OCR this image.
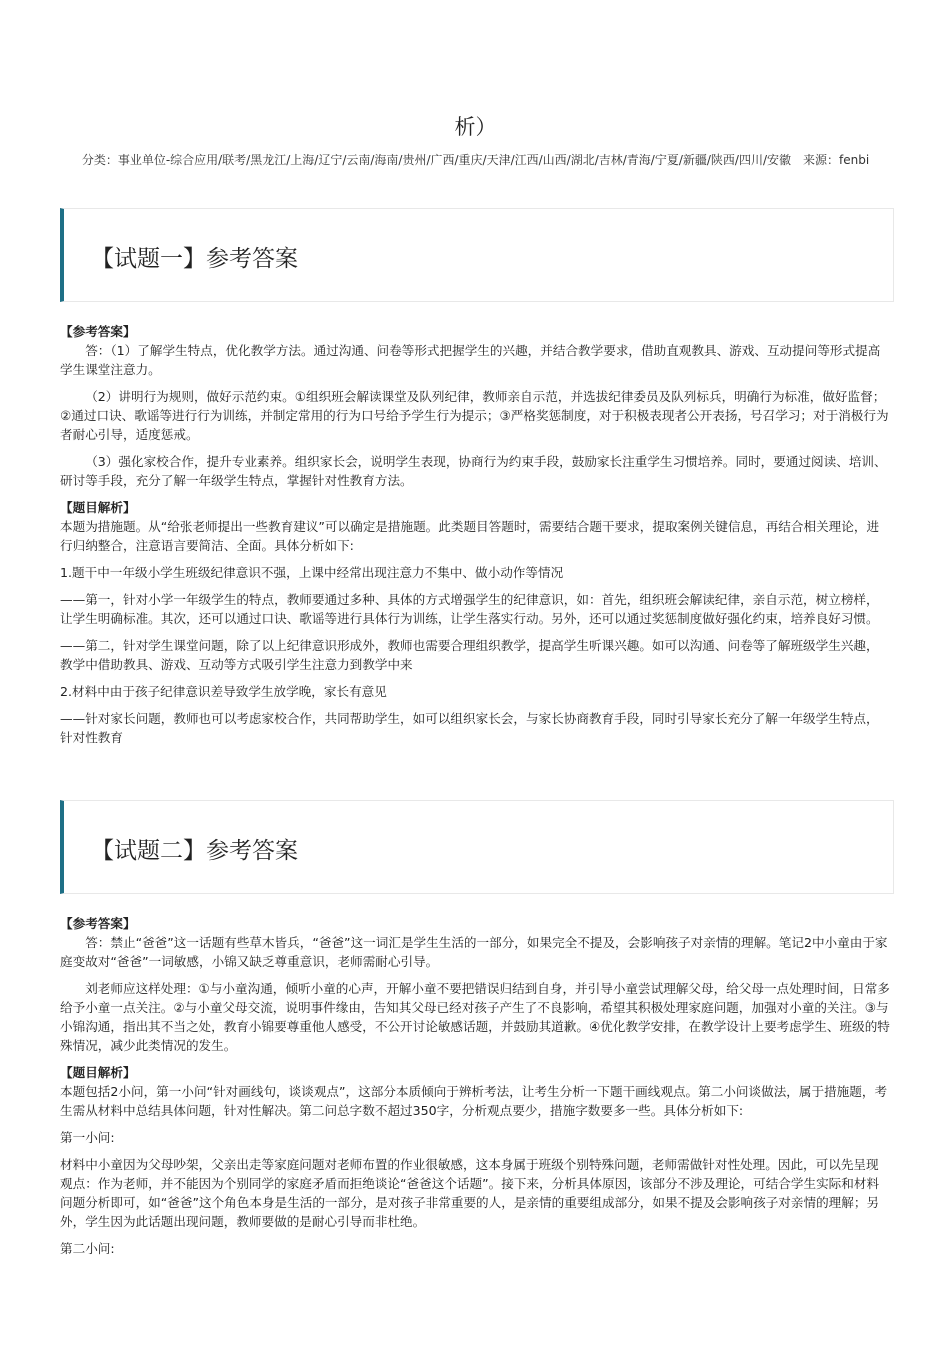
析）
分类：事业单位-综合应用/联考/黑龙江/上海/辽宁/云南/海南/贵州/广西/重庆/天津/江西/山西/湖北/吉林/青海/宁夏/新疆/陕西/四川/安徽　来源：fenbi
【试题一】参考答案

【参考答案】

答：（1）了解学生特点，优化教学方法。通过沟通、问卷等形式把握学生的兴趣，并结合教学要求，借助直观教具、游戏、互动提问等形式提高学生课堂注意力。

（2）讲明行为规则，做好示范约束。①组织班会解读课堂及队列纪律，教师亲自示范，并选拔纪律委员及队列标兵，明确行为标准，做好监督；②通过口诀、歌谣等进行行为训练，并制定常用的行为口号给予学生行为提示；③严格奖惩制度，对于积极表现者公开表扬，号召学习；对于消极行为者耐心引导，适度惩戒。

（3）强化家校合作，提升专业素养。组织家长会，说明学生表现，协商行为约束手段，鼓励家长注重学生习惯培养。同时，要通过阅读、培训、研讨等手段，充分了解一年级学生特点，掌握针对性教育方法。

【题目解析】

本题为措施题。从“给张老师提出一些教育建议”可以确定是措施题。此类题目答题时，需要结合题干要求，提取案例关键信息，再结合相关理论，进行归纳整合，注意语言要简洁、全面。具体分析如下:

1.题干中一年级小学生班级纪律意识不强，上课中经常出现注意力不集中、做小动作等情况

——第一，针对小学一年级学生的特点，教师要通过多种、具体的方式增强学生的纪律意识，如：首先，组织班会解读纪律，亲自示范，树立榜样，让学生明确标准。其次，还可以通过口诀、歌谣等进行具体行为训练，让学生落实行动。另外，还可以通过奖惩制度做好强化约束，培养良好习惯。

——第二，针对学生课堂问题，除了以上纪律意识形成外，教师也需要合理组织教学，提高学生听课兴趣。如可以沟通、问卷等了解班级学生兴趣，教学中借助教具、游戏、互动等方式吸引学生注意力到教学中来

2.材料中由于孩子纪律意识差导致学生放学晚，家长有意见

——针对家长问题，教师也可以考虑家校合作，共同帮助学生，如可以组织家长会，与家长协商教育手段，同时引导家长充分了解一年级学生特点，针对性教育

【试题二】参考答案

【参考答案】

答：禁止“爸爸”这一话题有些草木皆兵，“爸爸”这一词汇是学生生活的一部分，如果完全不提及，会影响孩子对亲情的理解。笔记2中小童由于家庭变故对“爸爸”一词敏感，小锦又缺乏尊重意识，老师需耐心引导。

刘老师应这样处理：①与小童沟通，倾听小童的心声，开解小童不要把错误归结到自身，并引导小童尝试理解父母，给父母一点处理时间，日常多给予小童一点关注。②与小童父母交流，说明事件缘由，告知其父母已经对孩子产生了不良影响，希望其积极处理家庭问题，加强对小童的关注。③与小锦沟通，指出其不当之处，教育小锦要尊重他人感受，不公开讨论敏感话题，并鼓励其道歉。④优化教学安排，在教学设计上要考虑学生、班级的特殊情况，减少此类情况的发生。

【题目解析】

本题包括2小问，第一小问“针对画线句，谈谈观点”，这部分本质倾向于辨析考法，让考生分析一下题干画线观点。第二小问谈做法，属于措施题，考生需从材料中总结具体问题，针对性解决。第二问总字数不超过350字，分析观点要少，措施字数要多一些。具体分析如下:

第一小问:

材料中小童因为父母吵架，父亲出走等家庭问题对老师布置的作业很敏感，这本身属于班级个别特殊问题，老师需做针对性处理。因此，可以先呈现观点：作为老师，并不能因为个别同学的家庭矛盾而拒绝谈论“爸爸这个话题”。接下来，分析具体原因，该部分不涉及理论，可结合学生实际和材料问题分析即可，如“爸爸”这个角色本身是生活的一部分，是对孩子非常重要的人，是亲情的重要组成部分，如果不提及会影响孩子对亲情的理解；另外，学生因为此话题出现问题，教师要做的是耐心引导而非杜绝。

第二小问:
